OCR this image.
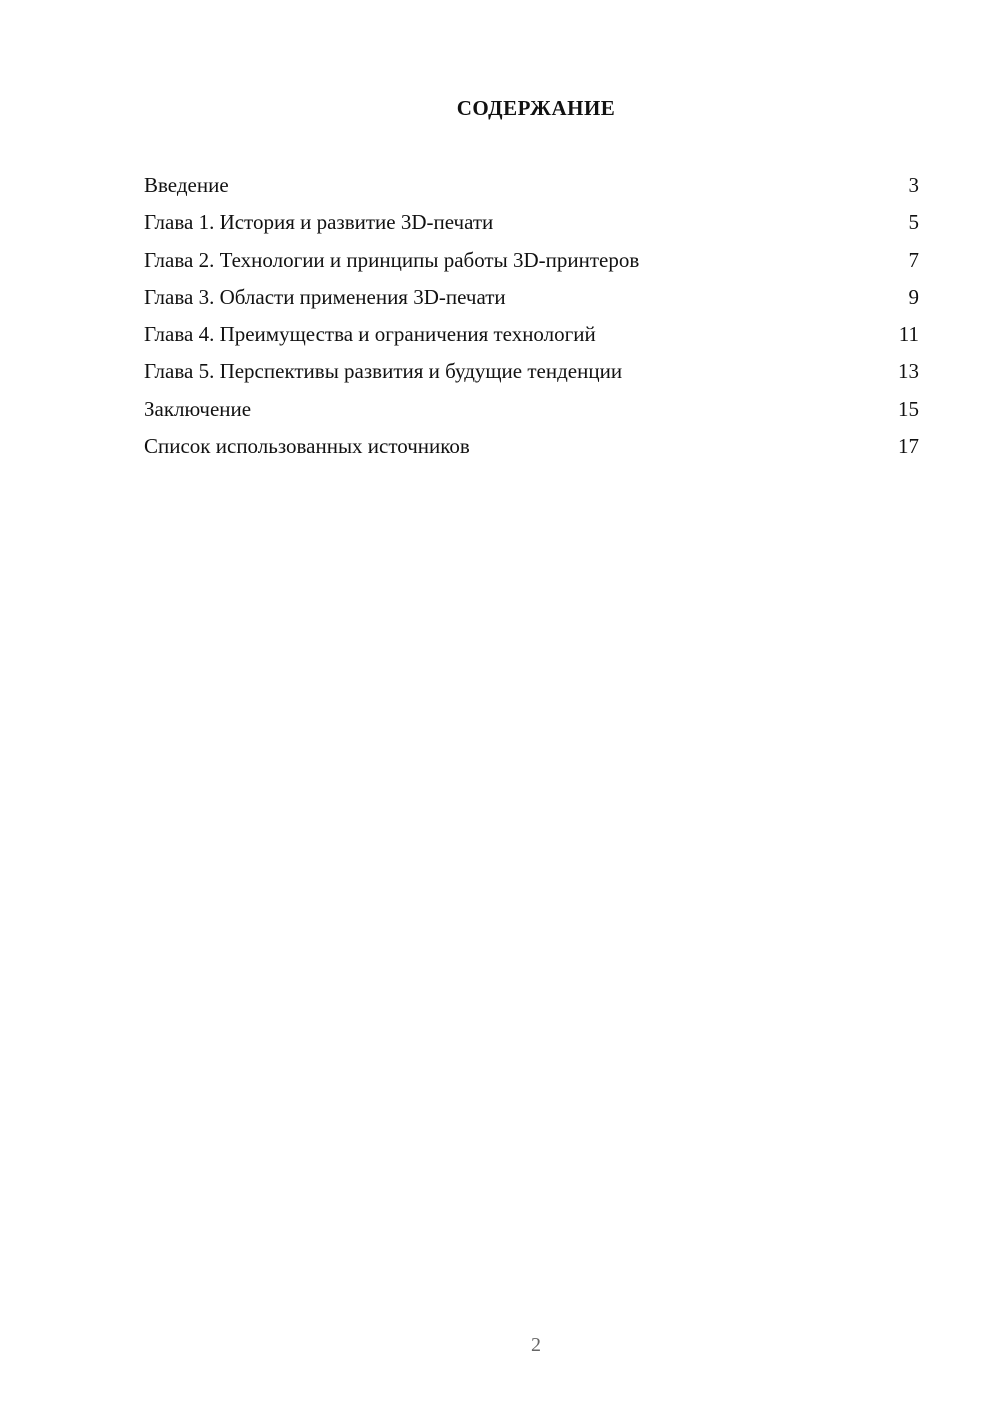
СОДЕРЖАНИЕ
Введение	3
Глава 1. История и развитие 3D-печати	5
Глава 2. Технологии и принципы работы 3D-принтеров	7
Глава 3. Области применения 3D-печати	9
Глава 4. Преимущества и ограничения технологий	11
Глава 5. Перспективы развития и будущие тенденции	13
Заключение	15
Список использованных источников	17
2
